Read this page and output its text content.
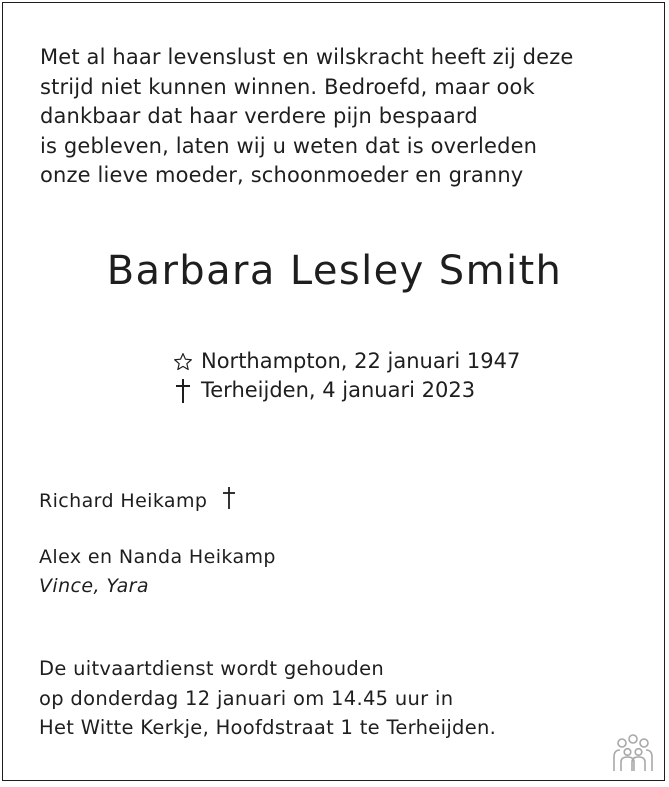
Met al haar levenslust en wilskracht heeft zij deze
strijd niet kunnen winnen. Bedroefd, maar ook
dankbaar dat haar verdere pijn bespaard
is gebleven, laten wij u weten dat is overleden
onze lieve moeder, schoonmoeder en granny
Barbara Lesley Smith
Northampton, 22 januari 1947
Terheijden, 4 januari 2023
Richard Heikamp
Alex en Nanda Heikamp
Vince, Yara
De uitvaartdienst wordt gehouden
op donderdag 12 januari om 14.45 uur in
Het Witte Kerkje, Hoofdstraat 1 te Terheijden.
